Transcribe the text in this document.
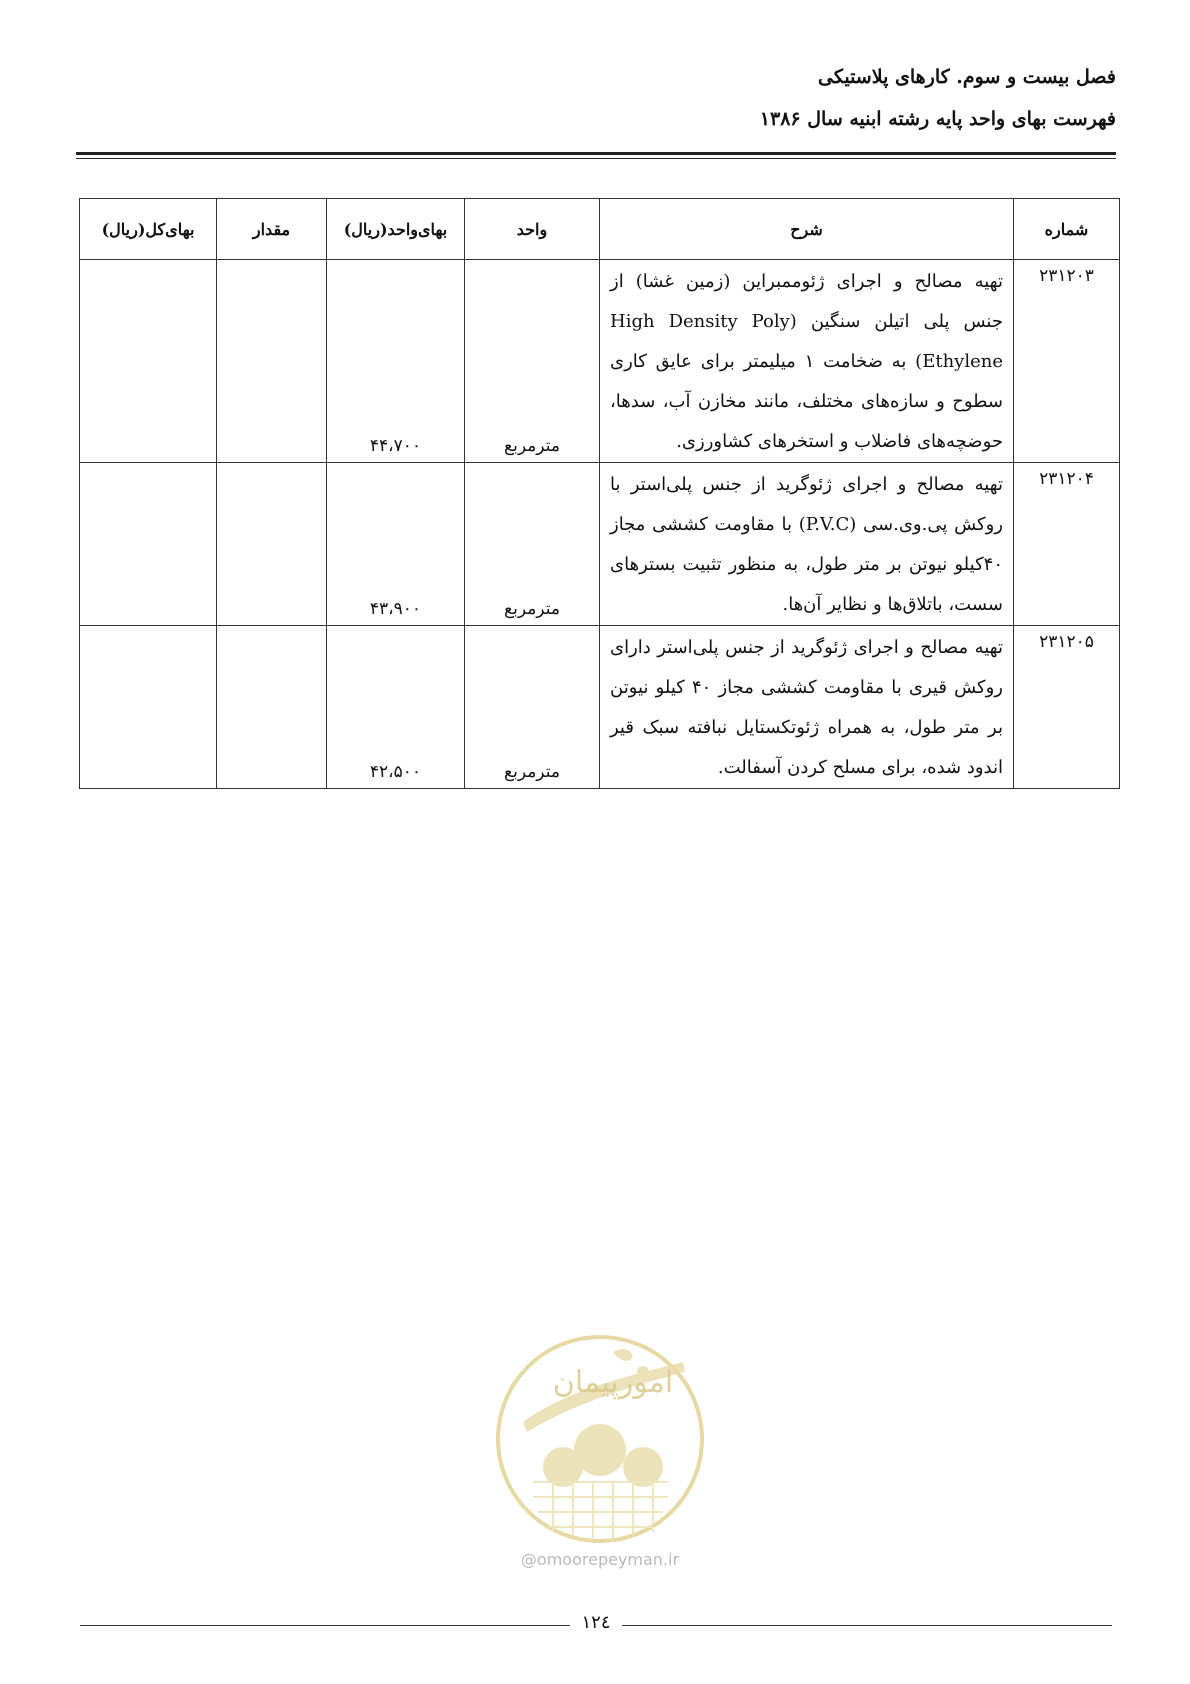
فصل بیست و سوم. کارهای پلاستیکی
فهرست بهای واحد پایه رشته ابنیه سال ۱۳۸۶
شماره	شرح	واحد	بهای‌واحد(ریال)	مقدار	بهای‌کل(ریال)
۲۳۱۲۰۳	تهیه مصالح و اجرای ژئوممبراین (زمین غشا) از جنس پلی اتیلن سنگین (High Density Poly Ethylene) به ضخامت ۱ میلیمتر برای عایق کاری سطوح و سازه‌های مختلف، مانند مخازن آب، سدها، حوضچه‌های فاضلاب و استخرهای کشاورزی.	مترمربع	۴۴،۷۰۰		
۲۳۱۲۰۴	تهیه مصالح و اجرای ژئوگرید از جنس پلی‌استر با روکش پی.وی.سی (P.V.C) با مقاومت کششی مجاز ۴۰کیلو نیوتن بر متر طول، به منظور تثبیت بسترهای سست، باتلاق‌ها و نظایر آن‌ها.	مترمربع	۴۳،۹۰۰		
۲۳۱۲۰۵	تهیه مصالح و اجرای ژئوگرید از جنس پلی‌استر دارای روکش قیری با مقاومت کششی مجاز ۴۰ کیلو نیوتن بر متر طول، به همراه ژئوتکستایل نبافته سبک قیر اندود شده، برای مسلح کردن آسفالت.	مترمربع	۴۲،۵۰۰		
امورپیمان
@omoorepeyman.ir
۱۲٤
